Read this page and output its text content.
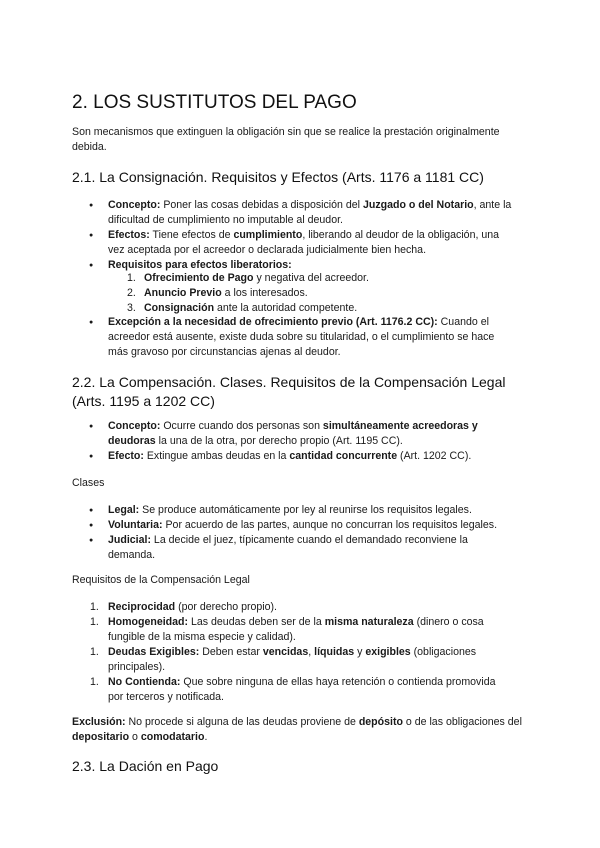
2. LOS SUSTITUTOS DEL PAGO

Son mecanismos que extinguen la obligación sin que se realice la prestación originalmente debida.

2.1. La Consignación. Requisitos y Efectos (Arts. 1176 a 1181 CC)
● Concepto: Poner las cosas debidas a disposición del Juzgado o del Notario, ante la dificultad de cumplimiento no imputable al deudor.
● Efectos: Tiene efectos de cumplimiento, liberando al deudor de la obligación, una vez aceptada por el acreedor o declarada judicialmente bien hecha.
● Requisitos para efectos liberatorios:
1. Ofrecimiento de Pago y negativa del acreedor.
2. Anuncio Previo a los interesados.
3. Consignación ante la autoridad competente.
● Excepción a la necesidad de ofrecimiento previo (Art. 1176.2 CC): Cuando el acreedor está ausente, existe duda sobre su titularidad, o el cumplimiento se hace más gravoso por circunstancias ajenas al deudor.
2.2. La Compensación. Clases. Requisitos de la Compensación Legal (Arts. 1195 a 1202 CC)
● Concepto: Ocurre cuando dos personas son simultáneamente acreedoras y deudoras la una de la otra, por derecho propio (Art. 1195 CC).
● Efecto: Extingue ambas deudas en la cantidad concurrente (Art. 1202 CC).

Clases

● Legal: Se produce automáticamente por ley al reunirse los requisitos legales.
● Voluntaria: Por acuerdo de las partes, aunque no concurran los requisitos legales.
● Judicial: La decide el juez, típicamente cuando el demandado reconviene la demanda.

Requisitos de la Compensación Legal

1. Reciprocidad (por derecho propio).
1. Homogeneidad: Las deudas deben ser de la misma naturaleza (dinero o cosa fungible de la misma especie y calidad).
1. Deudas Exigibles: Deben estar vencidas, líquidas y exigibles (obligaciones principales).
1. No Contienda: Que sobre ninguna de ellas haya retención o contienda promovida por terceros y notificada.

Exclusión: No procede si alguna de las deudas proviene de depósito o de las obligaciones del depositario o comodatario.

2.3. La Dación en Pago
